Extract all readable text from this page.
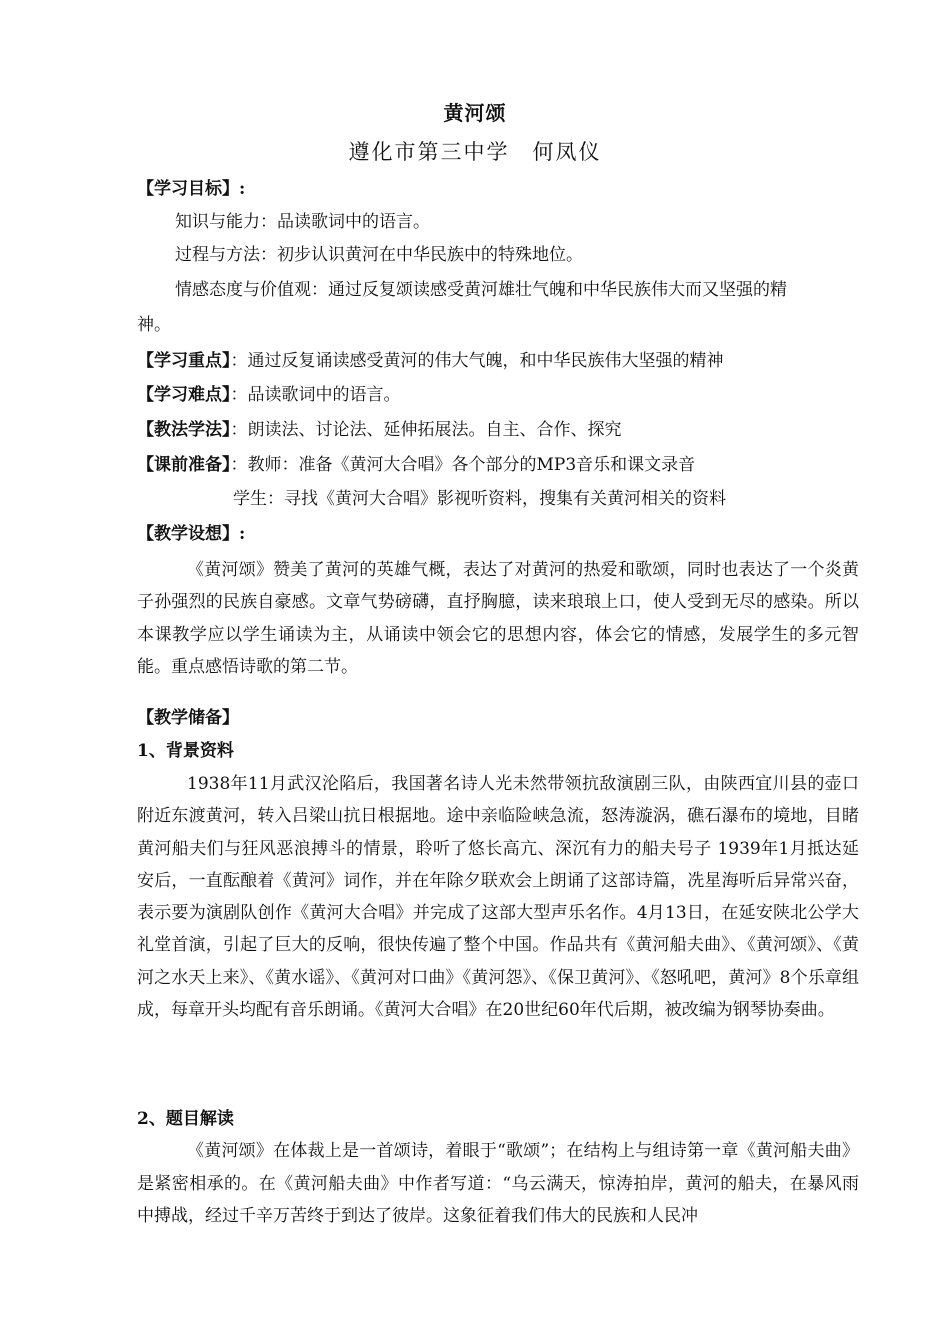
黄河颂
遵化市第三中学　何凤仪
【学习目标】:
知识与能力：品读歌词中的语言。
过程与方法：初步认识黄河在中华民族中的特殊地位。
情感态度与价值观：通过反复颂读感受黄河雄壮气魄和中华民族伟大而又坚强的精
神。
【学习重点】：通过反复诵读感受黄河的伟大气魄，和中华民族伟大坚强的精神
【学习难点】：品读歌词中的语言。
【教法学法】：朗读法、讨论法、延伸拓展法。自主、合作、探究
【课前准备】：教师：准备《黄河大合唱》各个部分的MP3音乐和课文录音
学生：寻找《黄河大合唱》影视听资料，搜集有关黄河相关的资料
【教学设想】:
《黄河颂》赞美了黄河的英雄气概，表达了对黄河的热爱和歌颂，同时也表达了一个炎黄子孙强烈的民族自豪感。文章气势磅礴，直抒胸臆，读来琅琅上口，使人受到无尽的感染。所以本课教学应以学生诵读为主，从诵读中领会它的思想内容，体会它的情感，发展学生的多元智能。重点感悟诗歌的第二节。
【教学储备】
1、背景资料
1938年11月武汉沦陷后，我国著名诗人光未然带领抗敌演剧三队，由陕西宜川县的壶口附近东渡黄河，转入吕梁山抗日根据地。途中亲临险峡急流，怒涛漩涡，礁石瀑布的境地，目睹黄河船夫们与狂风恶浪搏斗的情景，聆听了悠长高亢、深沉有力的船夫号子 1939年1月抵达延安后，一直酝酿着《黄河》词作，并在年除夕联欢会上朗诵了这部诗篇，冼星海听后异常兴奋，表示要为演剧队创作《黄河大合唱》并完成了这部大型声乐名作。4月13日，在延安陕北公学大礼堂首演，引起了巨大的反响，很快传遍了整个中国。作品共有《黄河船夫曲》、《黄河颂》、《黄河之水天上来》、《黄水谣》、《黄河对口曲》《黄河怨》、《保卫黄河》、《怒吼吧，黄河》8个乐章组成，每章开头均配有音乐朗诵。《黄河大合唱》在20世纪60年代后期，被改编为钢琴协奏曲。
2、题目解读
《黄河颂》在体裁上是一首颂诗，着眼于“歌颂”；在结构上与组诗第一章《黄河船夫曲》是紧密相承的。在《黄河船夫曲》中作者写道：“乌云满天，惊涛拍岸，黄河的船夫，在暴风雨中搏战，经过千辛万苦终于到达了彼岸。这象征着我们伟大的民族和人民冲
